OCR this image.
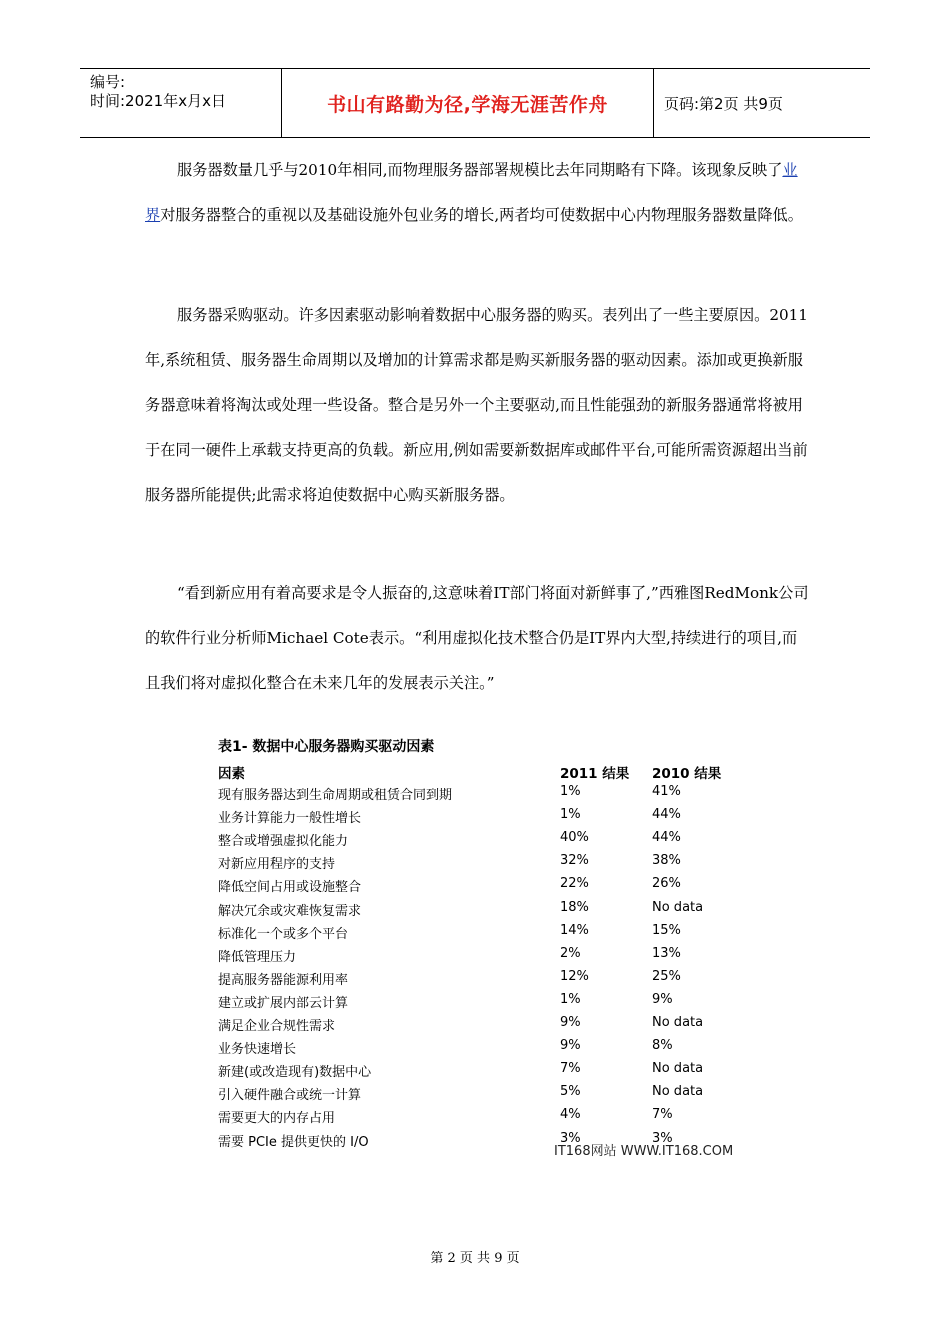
编号:
时间:2021年x月x日	书山有路勤为径,学海无涯苦作舟	页码:第2页 共9页

服务器数量几乎与2010年相同,而物理服务器部署规模比去年同期略有下降。该现象反映了业界对服务器整合的重视以及基础设施外包业务的增长,两者均可使数据中心内物理服务器数量降低。

服务器采购驱动。许多因素驱动影响着数据中心服务器的购买。表列出了一些主要原因。2011年,系统租赁、服务器生命周期以及增加的计算需求都是购买新服务器的驱动因素。添加或更换新服务器意味着将淘汰或处理一些设备。整合是另外一个主要驱动,而且性能强劲的新服务器通常将被用于在同一硬件上承载支持更高的负载。新应用,例如需要新数据库或邮件平台,可能所需资源超出当前服务器所能提供;此需求将迫使数据中心购买新服务器。

“看到新应用有着高要求是令人振奋的,这意味着IT部门将面对新鲜事了,”西雅图RedMonk公司的软件行业分析师Michael Cote表示。“利用虚拟化技术整合仍是IT界内大型,持续进行的项目,而且我们将对虚拟化整合在未来几年的发展表示关注。”

表1- 数据中心服务器购买驱动因素
因素	2011 结果 2010 结果
现有服务器达到生命周期或租赁合同到期	1%	41%
业务计算能力一般性增长	1%	44%
整合或增强虚拟化能力	40%	44%
对新应用程序的支持	32%	38%
降低空间占用或设施整合	22%	26%
解决冗余或灾难恢复需求	18%	No data
标准化一个或多个平台	14%	15%
降低管理压力	2%	13%
提高服务器能源利用率	12%	25%
建立或扩展内部云计算	1%	9%
满足企业合规性需求	9%	No data
业务快速增长	9%	8%
新建(或改造现有)数据中心	7%	No data
引入硬件融合或统一计算	5%	No data
需要更大的内存占用	4%	7%
需要 PCIe 提供更快的 I/O	3%	3%
IT168网站 WWW.IT168.COM
第 2 页 共 9 页
